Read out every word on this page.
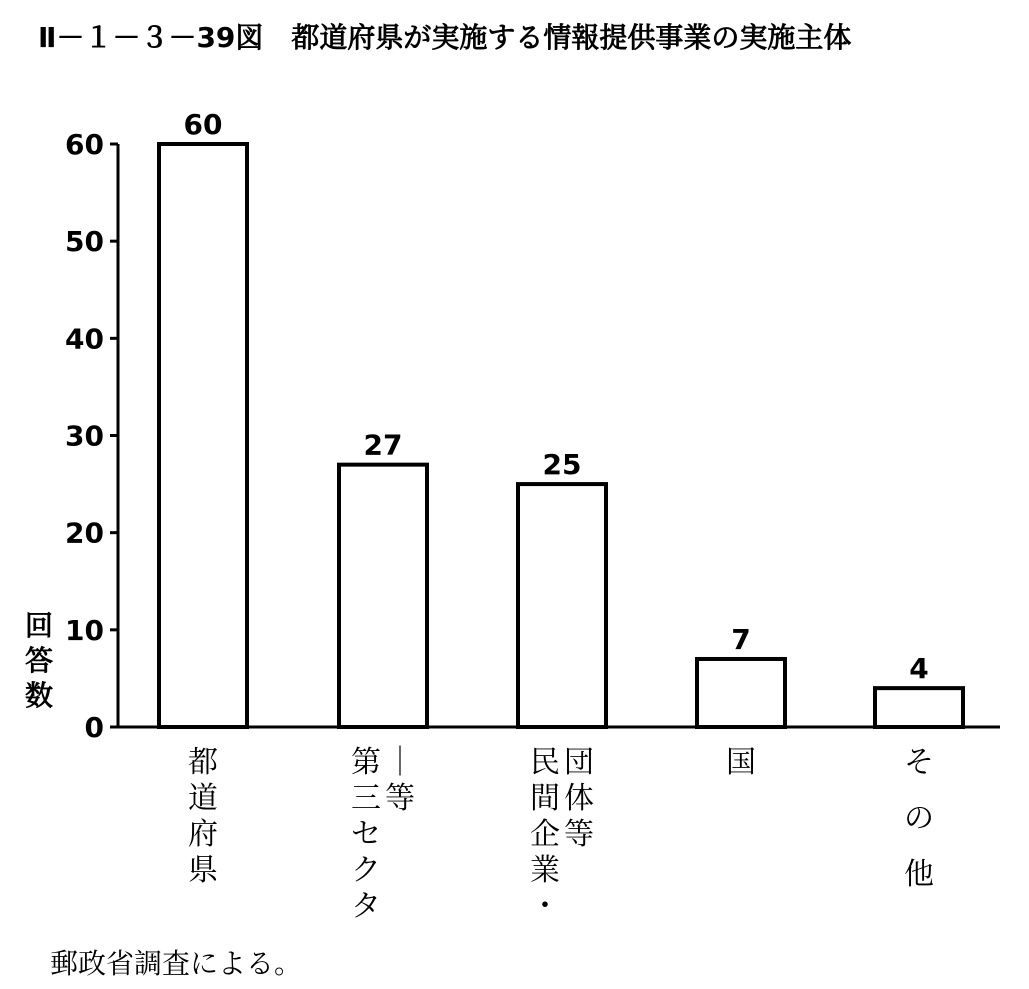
Ⅱ－１－３－39図　都道府県が実施する情報提供事業の実施主体
0
10
20
30
40
50
60
60
都
道
府
県
27
第
三
セ
ク
タ
｜
等
25
民
間
企
業
・
団
体
等
7
国
4
そ
の
他
回
答
数
郵政省調査による。
